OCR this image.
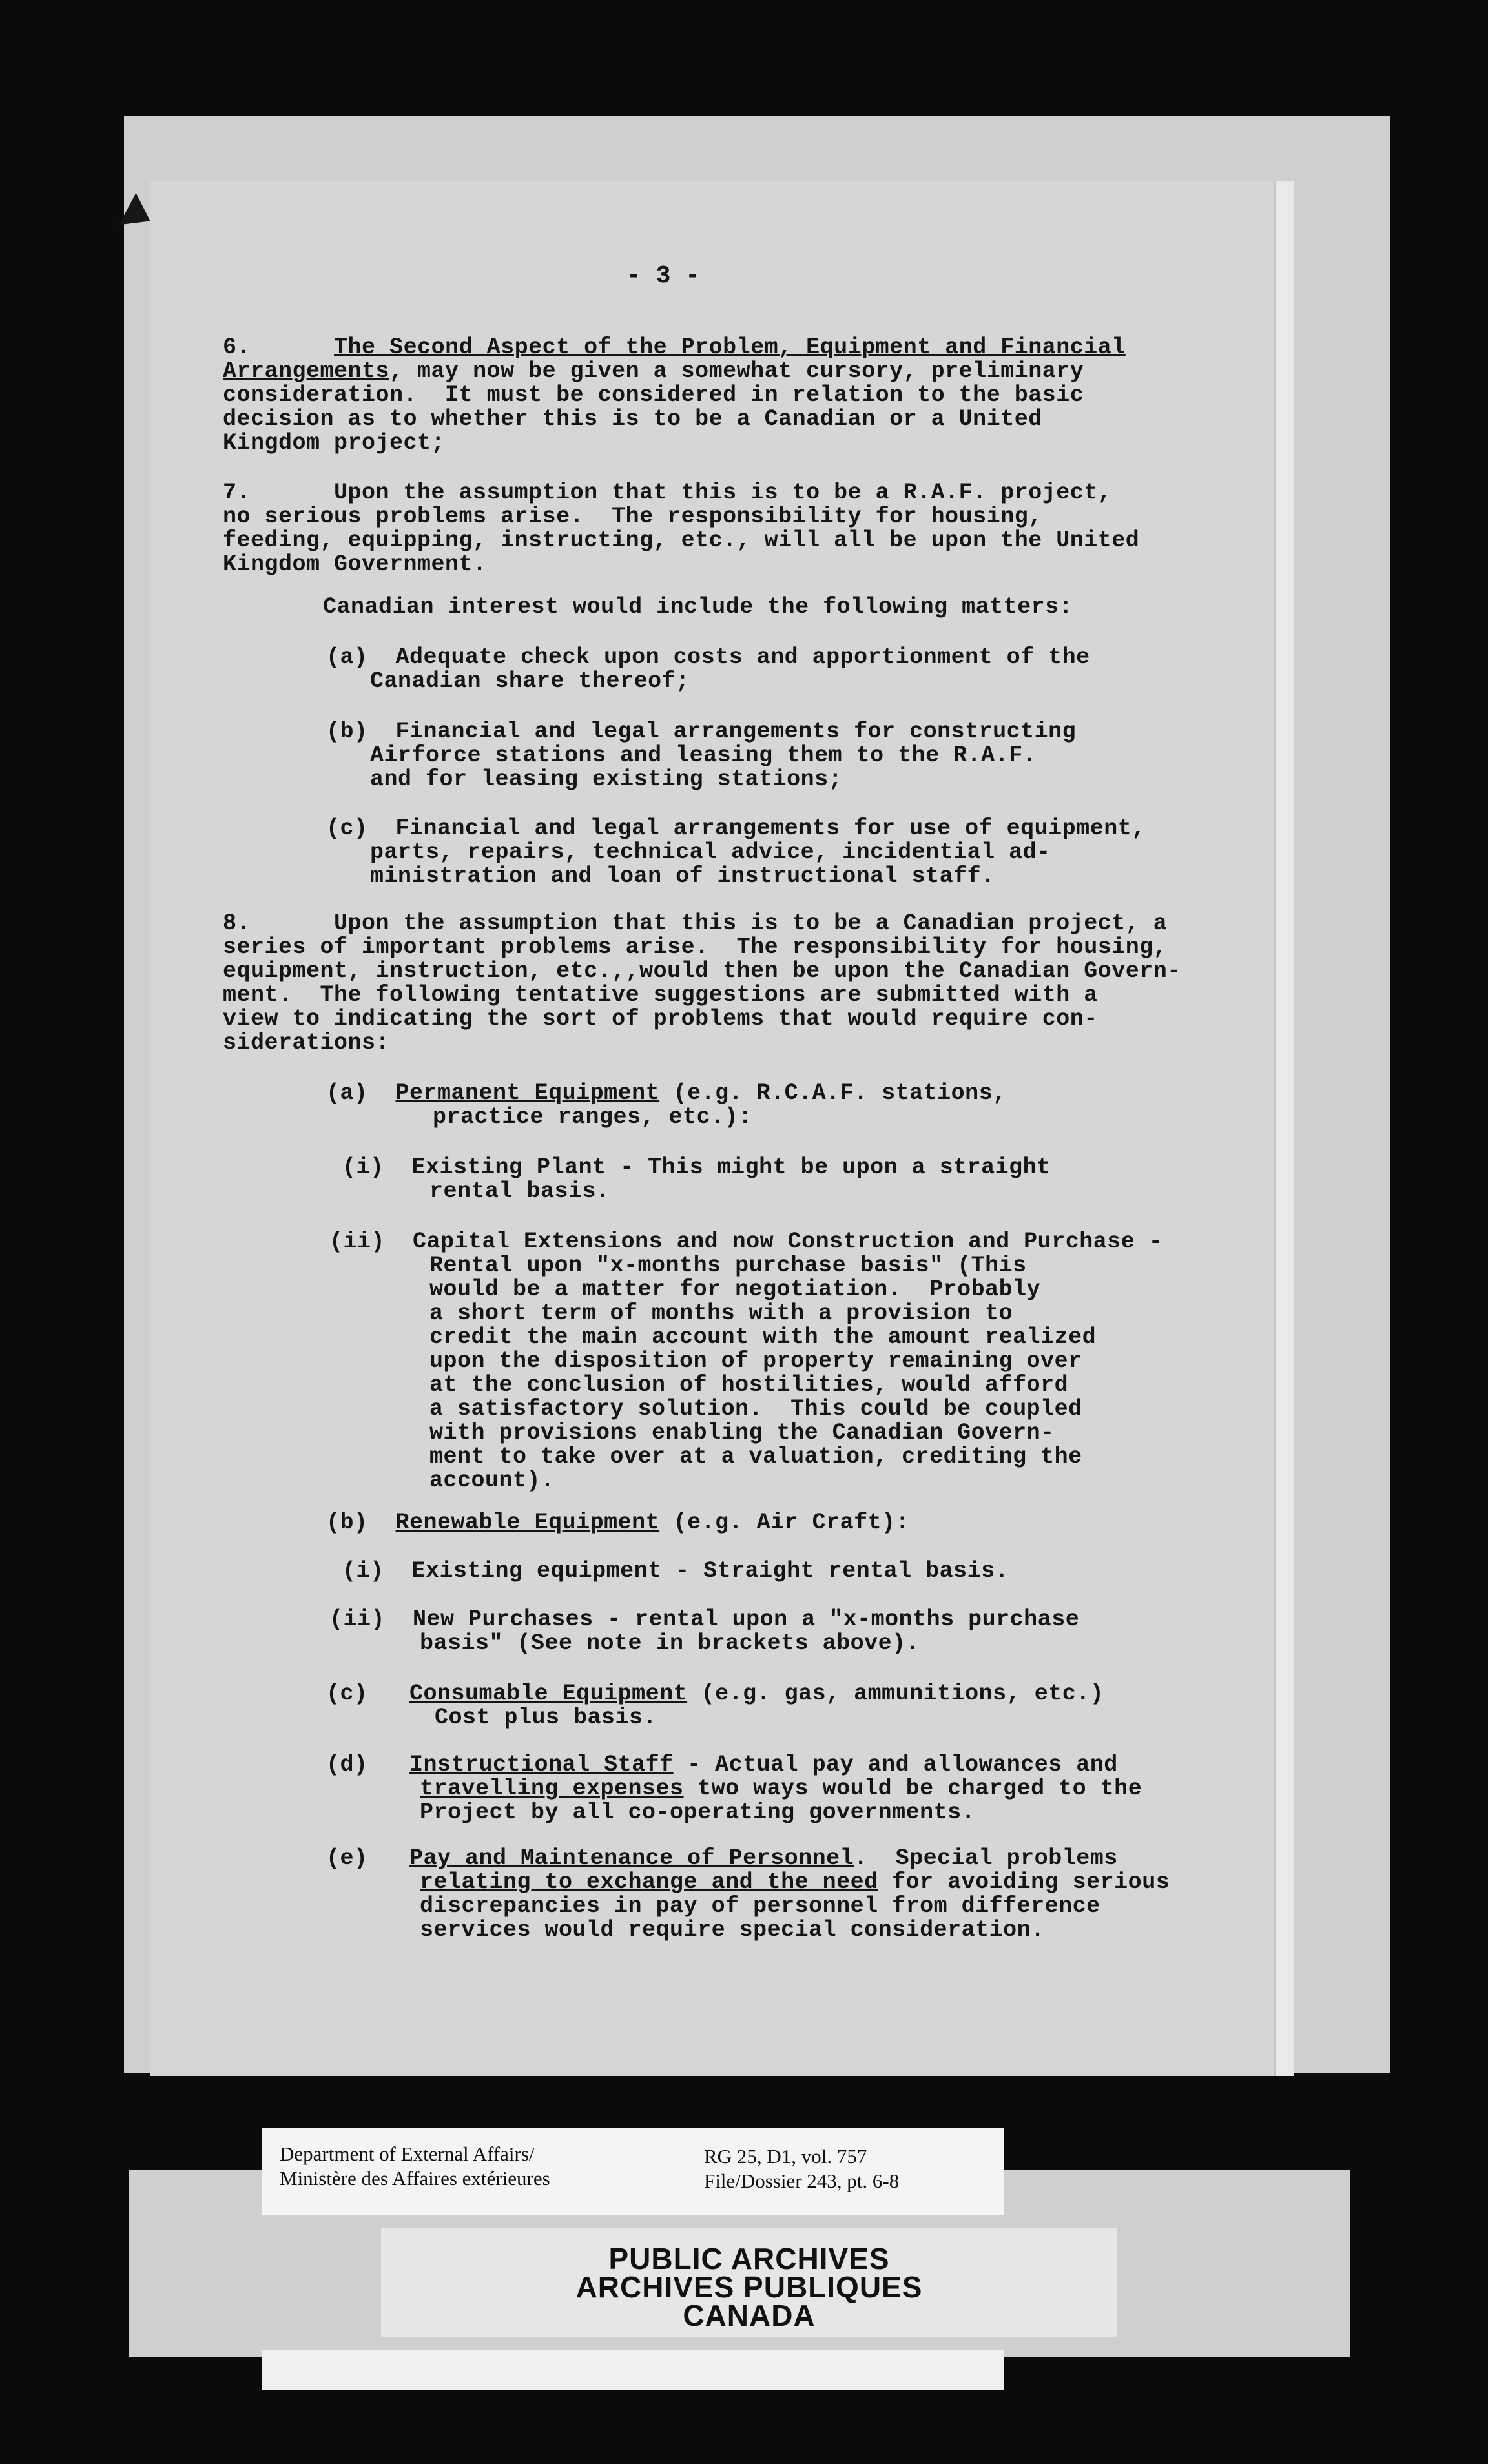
- 3 -

6.	The Second Aspect of the Problem, Equipment and Financial

Arrangements, may now be given a somewhat cursory, preliminary

consideration.  It must be considered in relation to the basic

decision as to whether this is to be a Canadian or a United

Kingdom project;

7.      Upon the assumption that this is to be a R.A.F. project,

no serious problems arise.  The responsibility for housing,

feeding, equipping, instructing, etc., will all be upon the United

Kingdom Government.

Canadian interest would include the following matters:

(a)  Adequate check upon costs and apportionment of the

Canadian share thereof;

(b)  Financial and legal arrangements for constructing

Airforce stations and leasing them to the R.A.F.

and for leasing existing stations;

(c)  Financial and legal arrangements for use of equipment,

parts, repairs, technical advice, incidential ad-

ministration and loan of instructional staff.

8.      Upon the assumption that this is to be a Canadian project, a

series of important problems arise.  The responsibility for housing,

equipment, instruction, etc.,,would then be upon the Canadian Govern-

ment.  The following tentative suggestions are submitted with a

view to indicating the sort of problems that would require con-

siderations:

(a) Permanent Equipment (e.g. R.C.A.F. stations,

practice ranges, etc.):

(i) Existing Plant - This might be upon a straight

rental basis.

(ii) Capital Extensions and now Construction and Purchase -

Rental upon "x-months purchase basis" (This

would be a matter for negotiation.  Probably

a short term of months with a provision to

credit the main account with the amount realized

upon the disposition of property remaining over

at the conclusion of hostilities, would afford

a satisfactory solution.  This could be coupled

with provisions enabling the Canadian Govern-

ment to take over at a valuation, crediting the

account).

(b) Renewable Equipment (e.g. Air Craft):

(i) Existing equipment - Straight rental basis.

(ii) New Purchases - rental upon a "x-months purchase

basis" (See note in brackets above).

(c) Consumable Equipment (e.g. gas, ammunitions, etc.)

Cost plus basis.

(d) Instructional Staff - Actual pay and allowances and

travelling expenses two ways would be charged to the

Project by all co-operating governments.

(e) Pay and Maintenance of Personnel.  Special problems

relating to exchange and the need for avoiding serious

discrepancies in pay of personnel from difference

services would require special consideration.

Department of External Affairs/
Ministère des Affaires extérieures
RG 25, D1, vol. 757
File/Dossier 243, pt. 6-8
PUBLIC ARCHIVES
ARCHIVES PUBLIQUES
CANADA
